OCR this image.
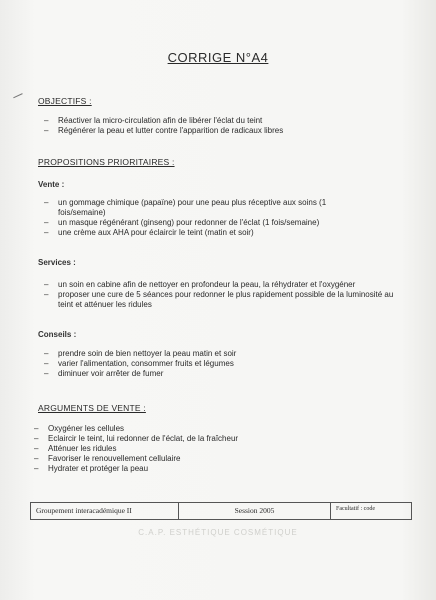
CORRIGE N°A4
OBJECTIFS :
– Réactiver la micro-circulation afin de libérer l'éclat du teint
– Régénérer la peau et lutter contre l'apparition de radicaux libres
PROPOSITIONS PRIORITAIRES :
Vente :
– un gommage chimique (papaïne) pour une peau plus réceptive aux soins (1 fois/semaine)
– un masque régénérant (ginseng) pour redonner de l'éclat (1 fois/semaine)
– une crème aux AHA pour éclaircir le teint (matin et soir)
Services :
– un soin en cabine afin de nettoyer en profondeur la peau, la réhydrater et l'oxygéner
– proposer une cure de 5 séances pour redonner le plus rapidement possible de la luminosité au teint et atténuer les ridules
Conseils :
– prendre soin de bien nettoyer la peau matin et soir
– varier l'alimentation, consommer fruits et légumes
– diminuer voir arrêter de fumer
ARGUMENTS DE VENTE :
– Oxygéner les cellules
– Eclaircir le teint, lui redonner de l'éclat, de la fraîcheur
– Atténuer les ridules
– Favoriser le renouvellement cellulaire
– Hydrater et protéger la peau
Groupement interacadémique II	Session 2005	Facultatif : code
C.A.P. ESTHÉTIQUE COSMÉTIQUE
